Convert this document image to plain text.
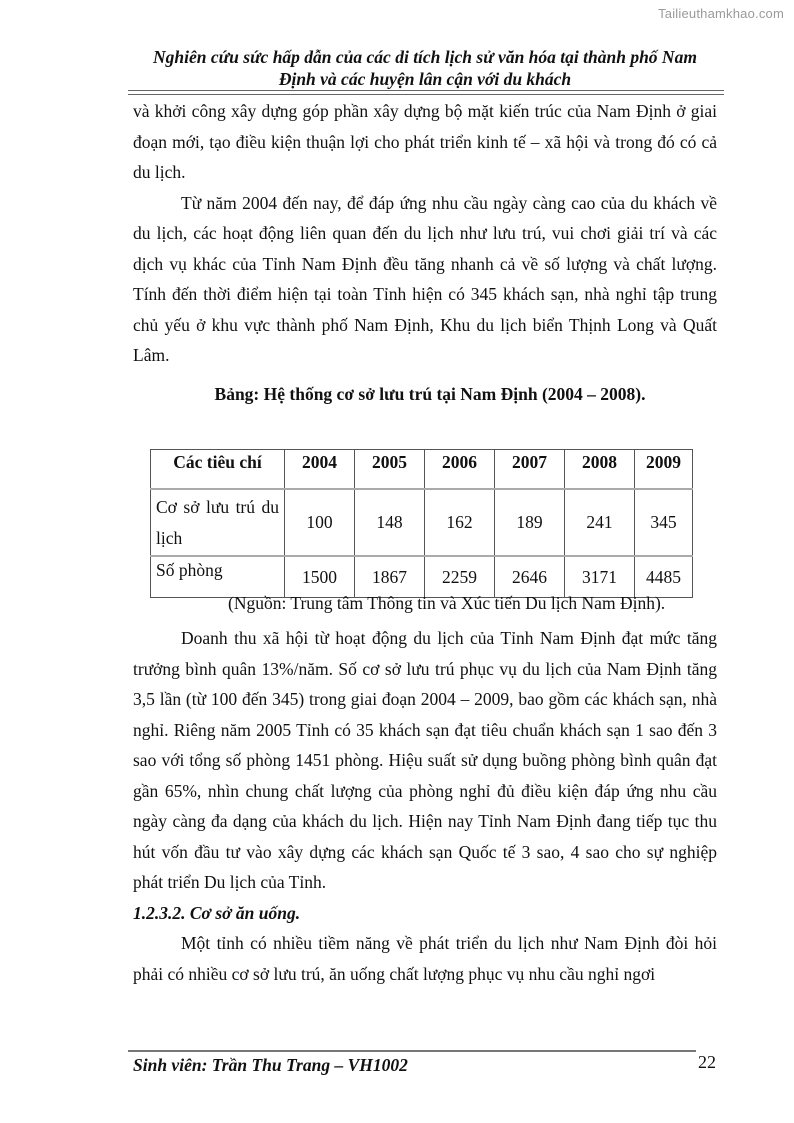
Tailieuthamkhao.com
Nghiên cứu sức hấp dẫn của các di tích lịch sử văn hóa tại thành phố Nam
Định và các huyện lân cận với du khách

và khởi công xây dựng góp phần xây dựng bộ mặt kiến trúc của Nam Định ở giai đoạn mới, tạo điều kiện thuận lợi cho phát triển kinh tế – xã hội và trong đó có cả du lịch.

Từ năm 2004 đến nay, để đáp ứng nhu cầu ngày càng cao của du khách về du lịch, các hoạt động liên quan đến du lịch như lưu trú, vui chơi giải trí và các dịch vụ khác của Tỉnh Nam Định đều tăng nhanh cả về số lượng và chất lượng. Tính đến thời điểm hiện tại toàn Tỉnh hiện có 345 khách sạn, nhà nghỉ tập trung chủ yếu ở khu vực thành phố Nam Định, Khu du lịch biển Thịnh Long và Quất Lâm.

Bảng: Hệ thống cơ sở lưu trú tại Nam Định (2004 – 2008).
Các tiêu chí	2004	2005	2006	2007	2008	2009
Cơ sở lưu trú du lịch	100	148	162	189	241	345
Số phòng	1500	1867	2259	2646	3171	4485
(Nguồn: Trung tâm Thông tin và Xúc tiến Du lịch Nam Định).

Doanh thu xã hội từ hoạt động du lịch của Tỉnh Nam Định đạt mức tăng trưởng bình quân 13%/năm. Số cơ sở lưu trú phục vụ du lịch của Nam Định tăng 3,5 lần (từ 100 đến 345) trong giai đoạn 2004 – 2009, bao gồm các khách sạn, nhà nghỉ. Riêng năm 2005 Tỉnh có 35 khách sạn đạt tiêu chuẩn khách sạn 1 sao đến 3 sao với tổng số phòng 1451 phòng. Hiệu suất sử dụng buồng phòng bình quân đạt gần 65%, nhìn chung chất lượng của phòng nghỉ đủ điều kiện đáp ứng nhu cầu ngày càng đa dạng của khách du lịch. Hiện nay Tỉnh Nam Định đang tiếp tục thu hút vốn đầu tư vào xây dựng các khách sạn Quốc tế 3 sao, 4 sao cho sự nghiệp phát triển Du lịch của Tỉnh.

1.2.3.2. Cơ sở ăn uống.

Một tỉnh có nhiều tiềm năng về phát triển du lịch như Nam Định đòi hỏi phải có nhiều cơ sở lưu trú, ăn uống chất lượng phục vụ nhu cầu nghỉ ngơi

Sinh viên: Trần Thu Trang – VH1002	22
